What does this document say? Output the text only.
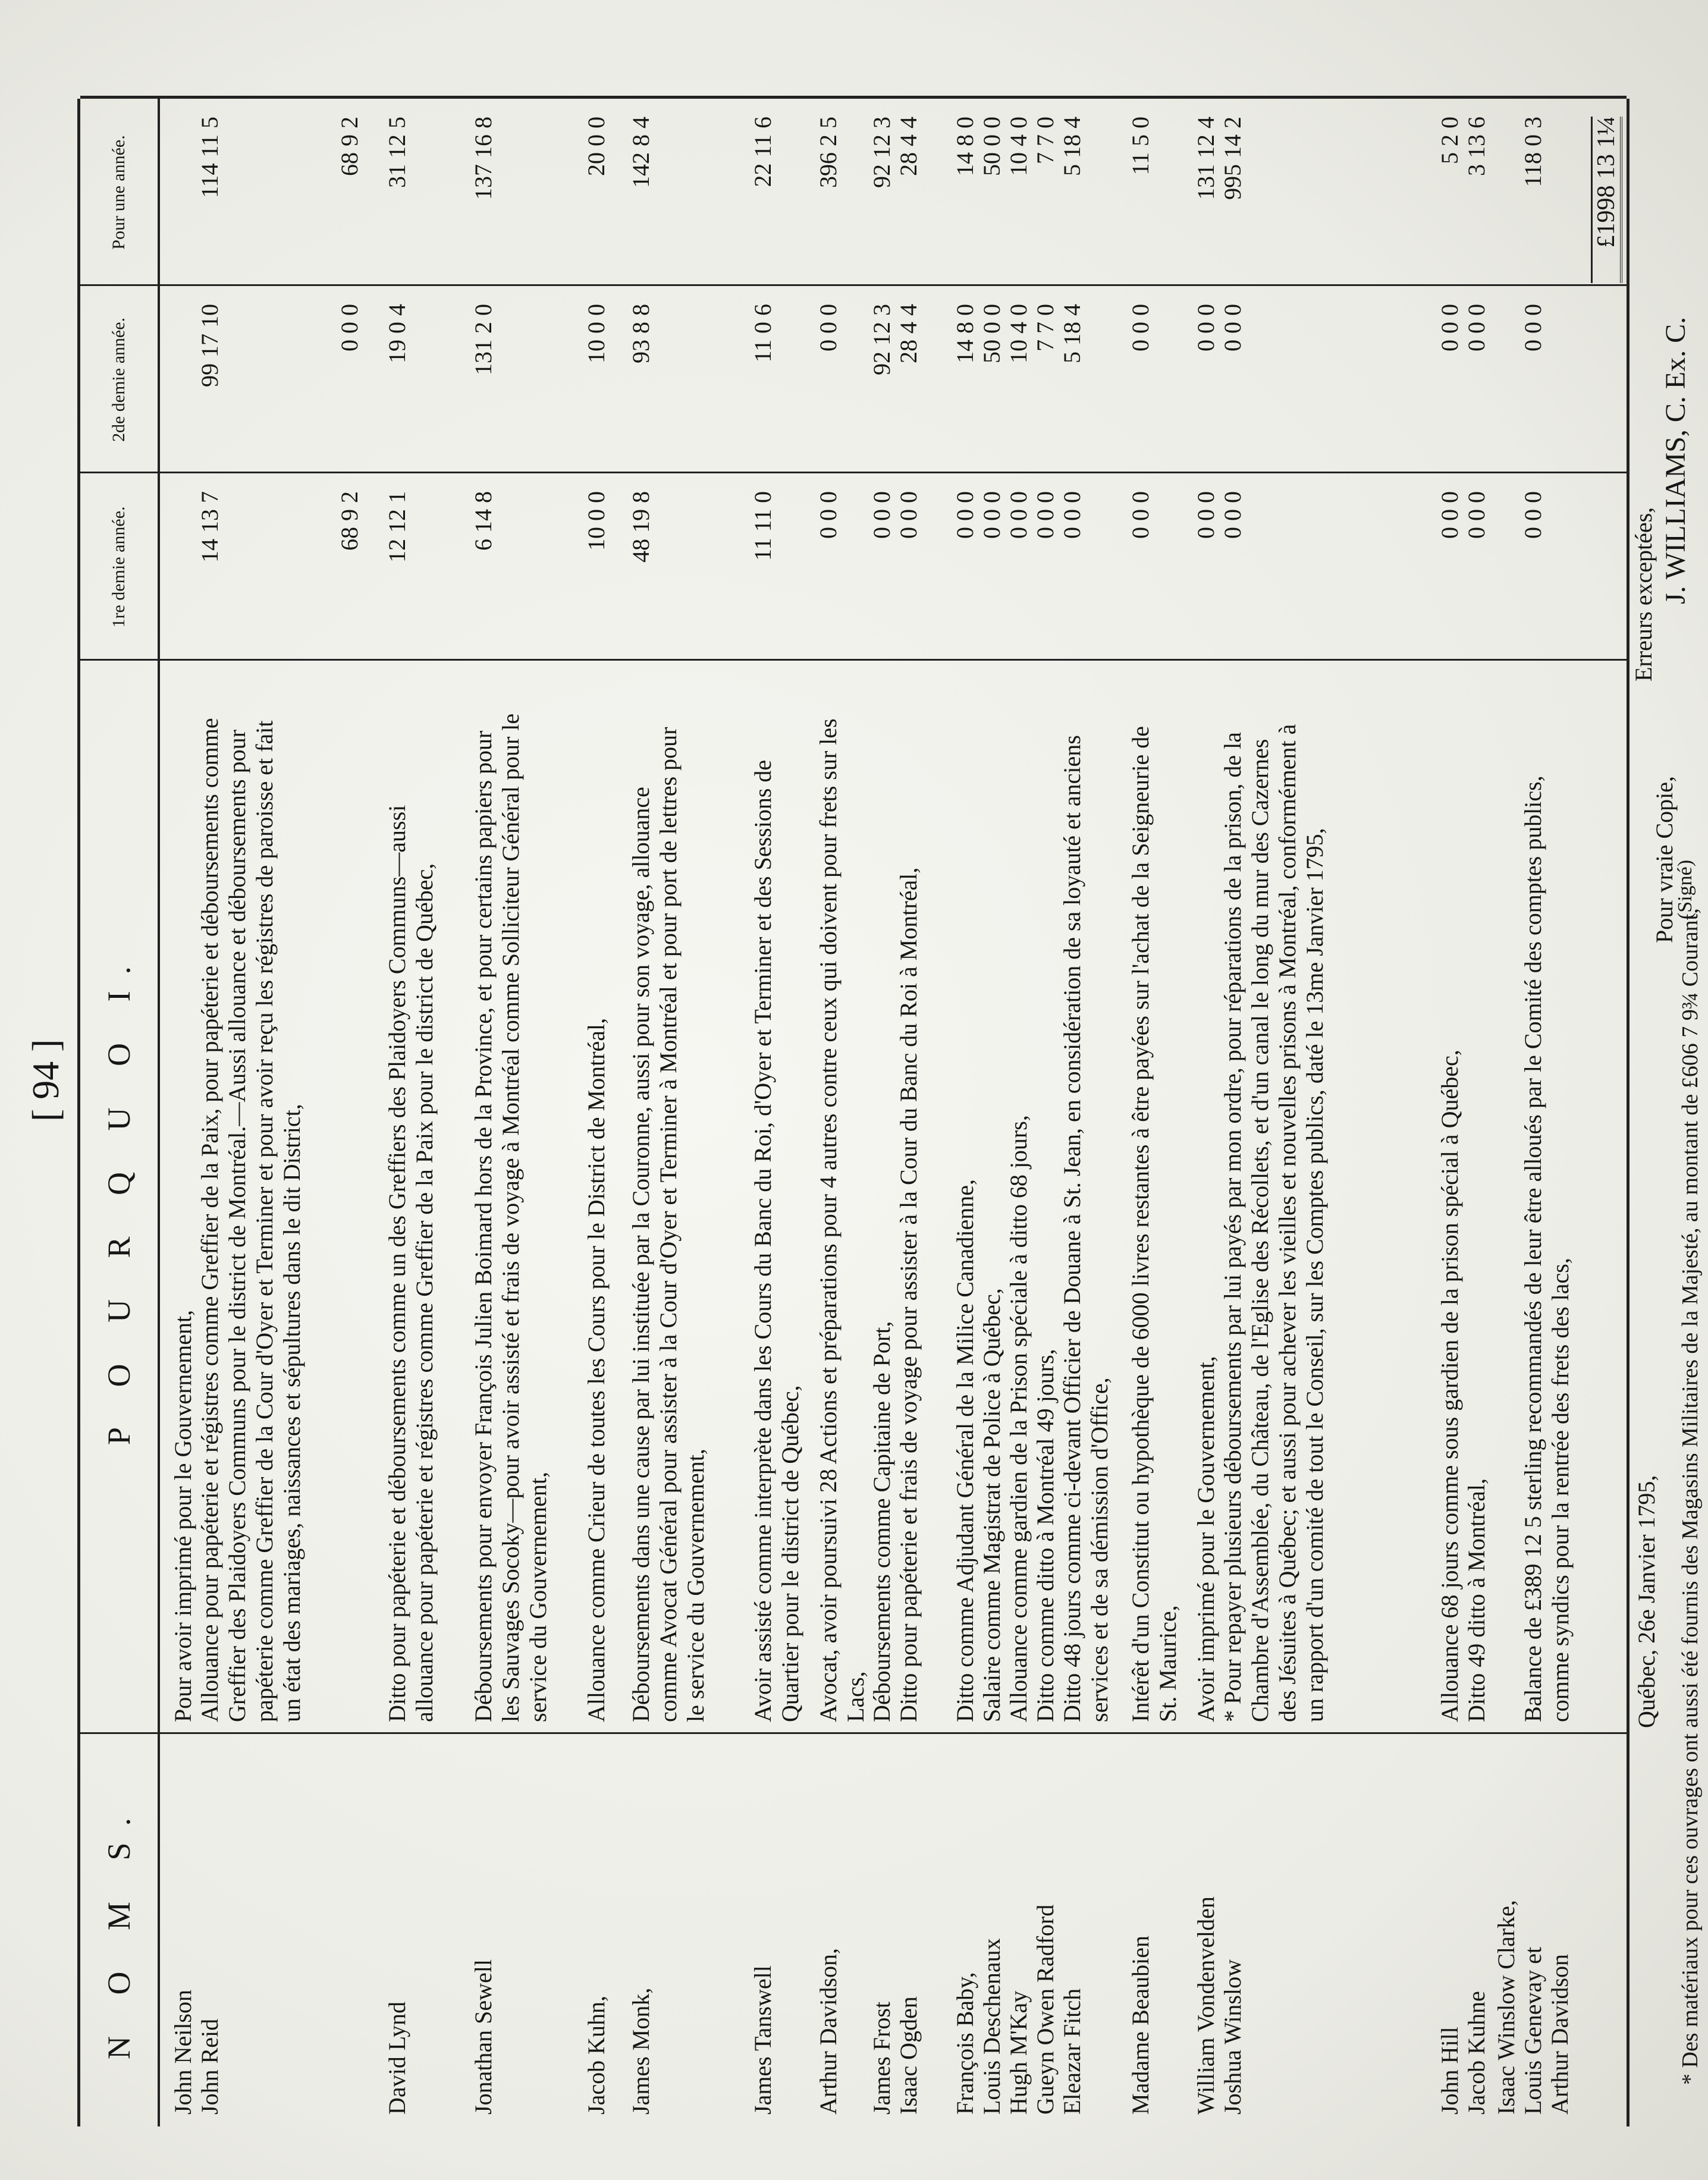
[ 94 ]
N O M S.
P O U R Q U O I.
1re demie année.
2de demie année.
Pour une année.
John Neilson
Pour avoir imprimé pour le Gouvernement,
John Reid
Allouance pour papéterie et régistres comme Greffier de la Paix, pour papéterie et déboursements comme Greffier des Plaidoyers Communs pour le district de Montréal.—Aussi allouance et déboursements pour papéterie comme Greffier de la Cour d'Oyer et Terminer et pour avoir reçu les régistres de paroisse et fait un état des mariages, naissances et sépultures dans le dit District,
14 13 7
99 17 10
114 11 5
68 9 2
0 0 0
68 9 2
David Lynd
Ditto pour papéterie et déboursements comme un des Greffiers des Plaidoyers Communs—aussi allouance pour papéterie et régistres comme Greffier de la Paix pour le district de Québec,
12 12 1
19 0 4
31 12 5
Jonathan Sewell
Déboursements pour envoyer François Julien Boimard hors de la Province, et pour certains papiers pour les Sauvages Socoky—pour avoir assisté et frais de voyage à Montréal comme Solliciteur Général pour le service du Gouvernement,
6 14 8
131 2 0
137 16 8
Jacob Kuhn,
Allouance comme Crieur de toutes les Cours pour le District de Montréal,
10 0 0
10 0 0
20 0 0
James Monk,
Déboursements dans une cause par lui instituée par la Couronne, aussi pour son voyage, allouance comme Avocat Général pour assister à la Cour d'Oyer et Terminer à Montréal et pour port de lettres pour le service du Gouvernement,
48 19 8
93 8 8
142 8 4
James Tanswell
Avoir assisté comme interprète dans les Cours du Banc du Roi, d'Oyer et Terminer et des Sessions de Quartier pour le district de Québec,
11 11 0
11 0 6
22 11 6
Arthur Davidson,
Avocat, avoir poursuivi 28 Actions et préparations pour 4 autres contre ceux qui doivent pour frets sur les Lacs,
0 0 0
0 0 0
396 2 5
James Frost
Déboursements comme Capitaine de Port,
0 0 0
92 12 3
92 12 3
Isaac Ogden
Ditto pour papéterie et frais de voyage pour assister à la Cour du Banc du Roi à Montréal,
0 0 0
28 4 4
28 4 4
François Baby,
Ditto comme Adjudant Général de la Milice Canadienne,
0 0 0
14 8 0
14 8 0
Louis Deschenaux
Salaire comme Magistrat de Police à Québec,
0 0 0
50 0 0
50 0 0
Hugh M'Kay
Allouance comme gardien de la Prison spéciale à ditto 68 jours,
0 0 0
10 4 0
10 4 0
Gueyn Owen Radford
Ditto comme ditto à Montréal 49 jours,
0 0 0
7 7 0
7 7 0
Eleazar Fitch
Ditto 48 jours comme ci-devant Officier de Douane à St. Jean, en considération de sa loyauté et anciens services et de sa démission d'Office,
0 0 0
5 18 4
5 18 4
Madame Beaubien
Intérêt d'un Constitut ou hypothèque de 6000 livres restantes à être payées sur l'achat de la Seigneurie de St. Maurice,
0 0 0
0 0 0
11 5 0
William Vondenvelden
Avoir imprimé pour le Gouvernement,
0 0 0
0 0 0
131 12 4
Joshua Winslow
* Pour repayer plusieurs déboursements par lui payés par mon ordre, pour réparations de la prison, de la Chambre d'Assemblée, du Château, de l'Eglise des Récollets, et d'un canal le long du mur des Cazernes des Jésuites à Québec; et aussi pour achever les vieilles et nouvelles prisons à Montréal, conformément à un rapport d'un comité de tout le Conseil, sur les Comptes publics, daté le 13me Janvier 1795,
0 0 0
0 0 0
995 14 2
John Hill
Allouance 68 jours comme sous gardien de la prison spécial à Québec,
0 0 0
0 0 0
5 2 0
Jacob Kuhne
Ditto 49 ditto à Montréal,
0 0 0
0 0 0
3 13 6
Isaac Winslow Clarke, Louis Genevay et
Balance de £389 12 5 sterling recommandés de leur être alloués par le Comité des comptes publics, comme syndics pour la rentrée des frets des lacs,
0 0 0
0 0 0
118 0 3
Arthur Davidson
£1998 13 1¼
Québec, 26e Janvier 1795,
Erreurs exceptées,
Pour vraie Copie,
(Signé)
J. WILLIAMS, C. Ex. C.
* Des matériaux pour ces ouvrages ont aussi été fournis des Magasins Militaires de la Majesté, au montant de £606 7 9¾ Courant,
